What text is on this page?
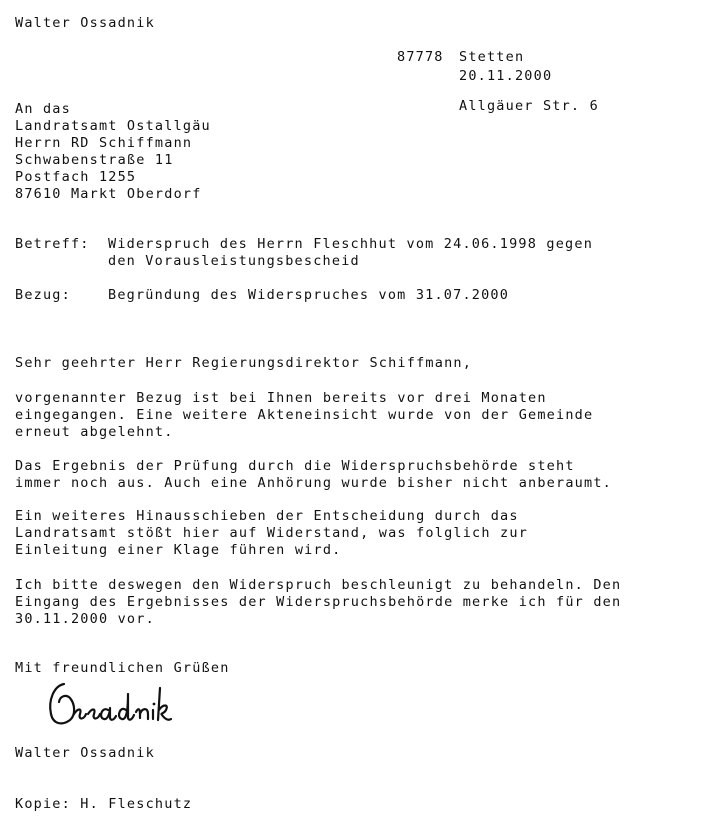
Walter Ossadnik

87778 Stetten

Allgäuer Str. 6

20.11.2000
An das
Landratsamt Ostallgäu
Herrn RD Schiffmann
Schwabenstraße 11
Postfach 1255
87610 Markt Oberdorf
Betreff: Widerspruch des Herrn Fleschhut vom 24.06.1998 gegen
den Vorausleistungsbescheid
Bezug:	Begründung des Widerspruches vom 31.07.2000
Sehr geehrter Herr Regierungsdirektor Schiffmann,
vorgenannter Bezug ist bei Ihnen bereits vor drei Monaten
eingegangen. Eine weitere Akteneinsicht wurde von der Gemeinde
erneut abgelehnt.
Das Ergebnis der Prüfung durch die Widerspruchsbehörde steht
immer noch aus. Auch eine Anhörung wurde bisher nicht anberaumt.
Ein weiteres Hinausschieben der Entscheidung durch das
Landratsamt stößt hier auf Widerstand, was folglich zur
Einleitung einer Klage führen wird.
Ich bitte deswegen den Widerspruch beschleunigt zu behandeln. Den
Eingang des Ergebnisses der Widerspruchsbehörde merke ich für den
30.11.2000 vor.
Mit freundlichen Grüßen
Walter Ossadnik
Kopie: H. Fleschutz
